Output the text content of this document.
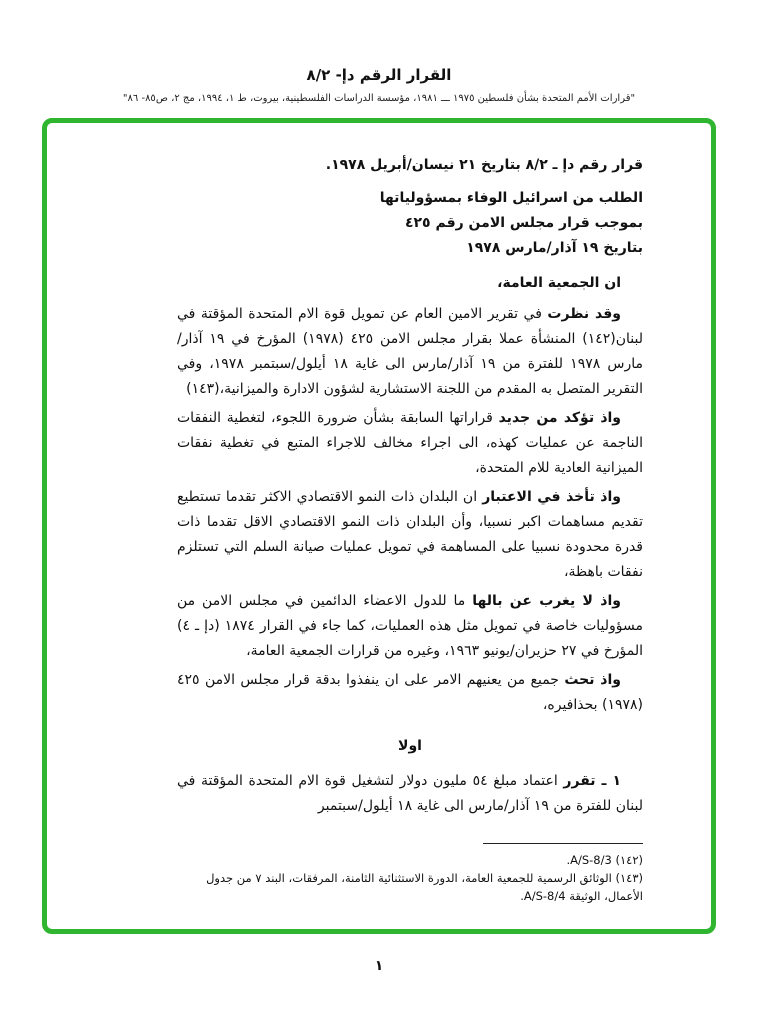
القرار الرقم دإ- ٨/٢
"قرارات الأمم المتحدة بشأن فلسطين ١٩٧٥ ـــ ١٩٨١، مؤسسة الدراسات الفلسطينية، بيروت، ط ١، ١٩٩٤، مج ٢، ص٨٥- ٨٦"

قرار رقم دإ ـ ٨/٢ بتاريخ ٢١ نيسان/أبريل ١٩٧٨.

الطلب من اسرائيل الوفاء بمسؤولياتها

بموجب قرار مجلس الامن رقم ٤٢٥

بتاريخ ١٩ آذار/مارس ١٩٧٨

ان الجمعية العامة،

وقد نظرت في تقرير الامين العام عن تمويل قوة الام المتحدة المؤقتة في لبنان(١٤٢) المنشأة عملا بقرار مجلس الامن ٤٢٥ (١٩٧٨) المؤرخ في ١٩ آذار/مارس ١٩٧٨ للفترة من ١٩ آذار/مارس الى غاية ١٨ أيلول/سبتمبر ١٩٧٨، وفي التقرير المتصل به المقدم من اللجنة الاستشارية لشؤون الادارة والميزانية،(١٤٣)

واذ تؤكد من جديد قراراتها السابقة بشأن ضرورة اللجوء، لتغطية النفقات الناجمة عن عمليات كهذه، الى اجراء مخالف للاجراء المتبع في تغطية نفقات الميزانية العادية للام المتحدة،

واذ تأخذ في الاعتبار ان البلدان ذات النمو الاقتصادي الاكثر تقدما تستطيع تقديم مساهمات اكبر نسبيا، وأن البلدان ذات النمو الاقتصادي الاقل تقدما ذات قدرة محدودة نسبيا على المساهمة في تمويل عمليات صيانة السلم التي تستلزم نفقات باهظة،

واذ لا يغرب عن بالها ما للدول الاعضاء الدائمين في مجلس الامن من مسؤوليات خاصة في تمويل مثل هذه العمليات، كما جاء في القرار ١٨٧٤ (دإ ـ ٤) المؤرخ في ٢٧ حزيران/يونيو ١٩٦٣، وغيره من قرارات الجمعية العامة،

واذ تحث جميع من يعنيهم الامر على ان ينفذوا بدقة قرار مجلس الامن ٤٢٥ (١٩٧٨) بحذافيره،

اولا

١ ـ تقرر اعتماد مبلغ ٥٤ مليون دولار لتشغيل قوة الام المتحدة المؤقتة في لبنان للفترة من ١٩ آذار/مارس الى غاية ١٨ أيلول/سبتمبر

(١٤٢) A/S-8/3.

(١٤٣) الوثائق الرسمية للجمعية العامة، الدورة الاستثنائية الثامنة، المرفقات، البند ٧ من جدول الأعمال، الوثيقة A/S-8/4.

١
